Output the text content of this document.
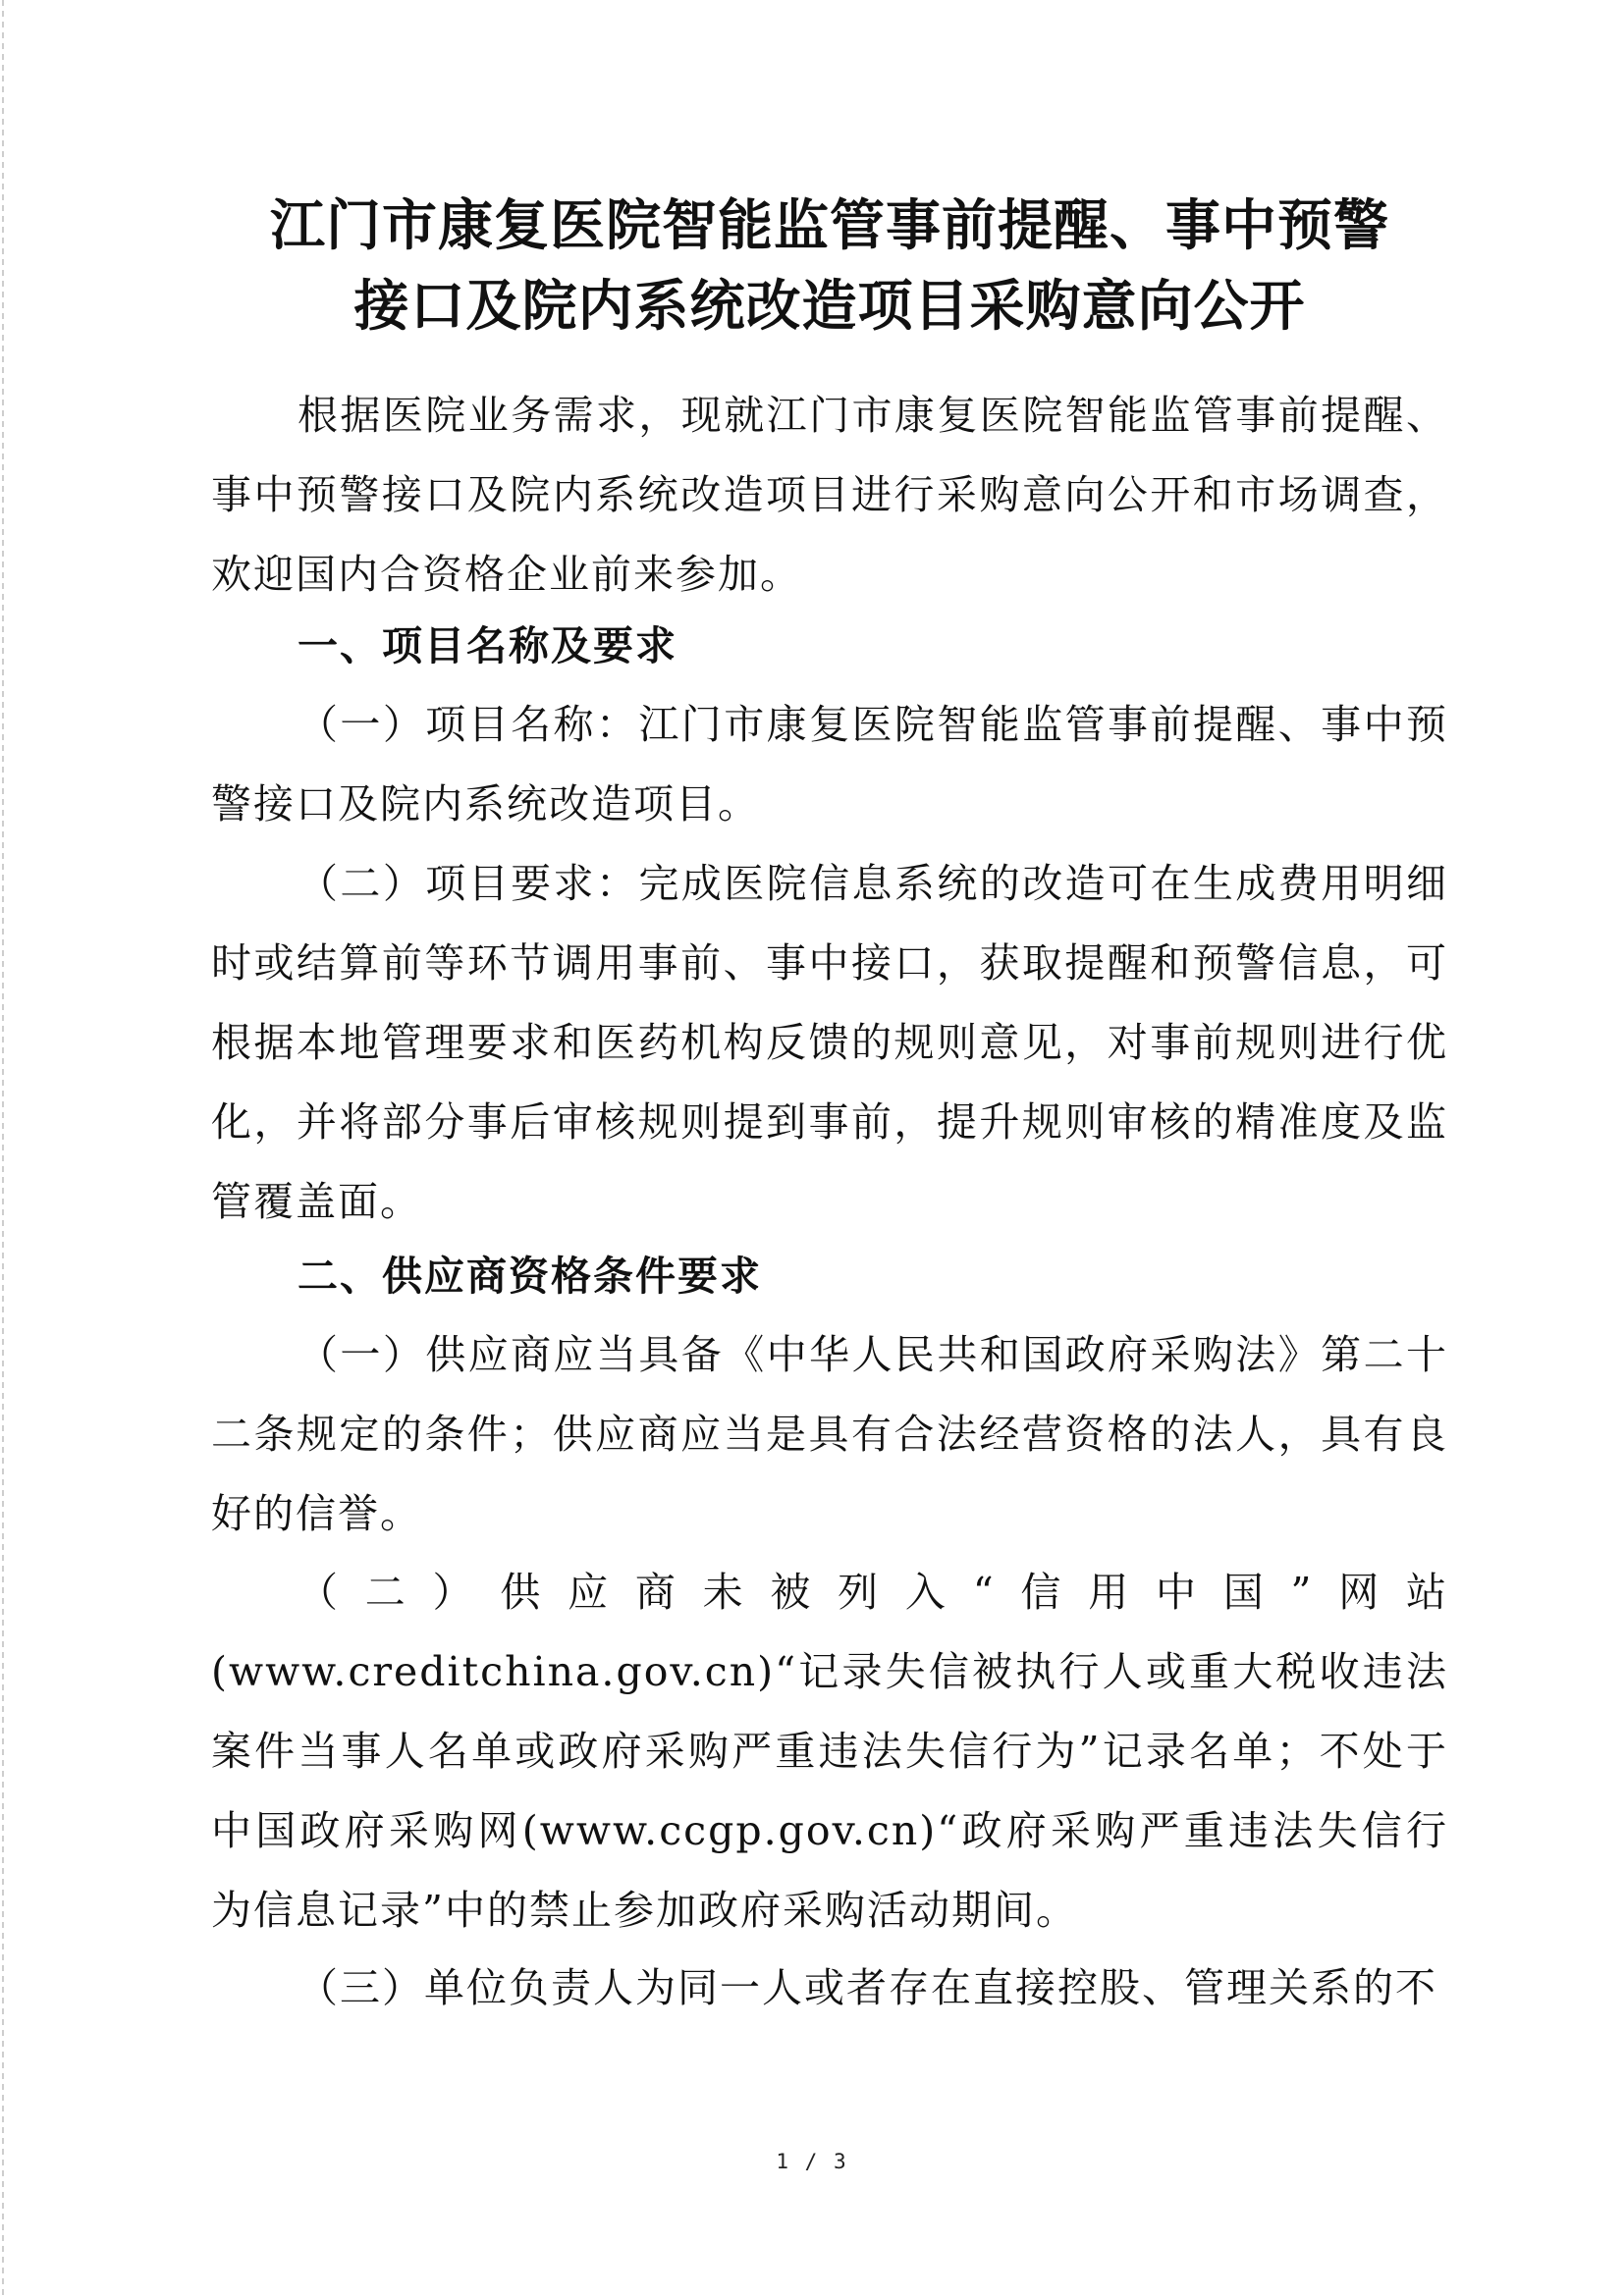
江门市康复医院智能监管事前提醒、事中预警
接口及院内系统改造项目采购意向公开

根据医院业务需求，现就江门市康复医院智能监管事前提醒、事中预警接口及院内系统改造项目进行采购意向公开和市场调查，欢迎国内合资格企业前来参加。

一、项目名称及要求

（一）项目名称：江门市康复医院智能监管事前提醒、事中预警接口及院内系统改造项目。

（二）项目要求：完成医院信息系统的改造可在生成费用明细时或结算前等环节调用事前、事中接口，获取提醒和预警信息，可根据本地管理要求和医药机构反馈的规则意见，对事前规则进行优化，并将部分事后审核规则提到事前，提升规则审核的精准度及监管覆盖面。

二、供应商资格条件要求

（一）供应商应当具备《中华人民共和国政府采购法》第二十二条规定的条件；供应商应当是具有合法经营资格的法人，具有良好的信誉。

（二）供应商未被列入“信用中国”网站(www.creditchina.gov.cn)“记录失信被执行人或重大税收违法案件当事人名单或政府采购严重违法失信行为”记录名单；不处于中国政府采购网(www.ccgp.gov.cn)“政府采购严重违法失信行为信息记录”中的禁止参加政府采购活动期间。

（三）单位负责人为同一人或者存在直接控股、管理关系的不

1 / 3
